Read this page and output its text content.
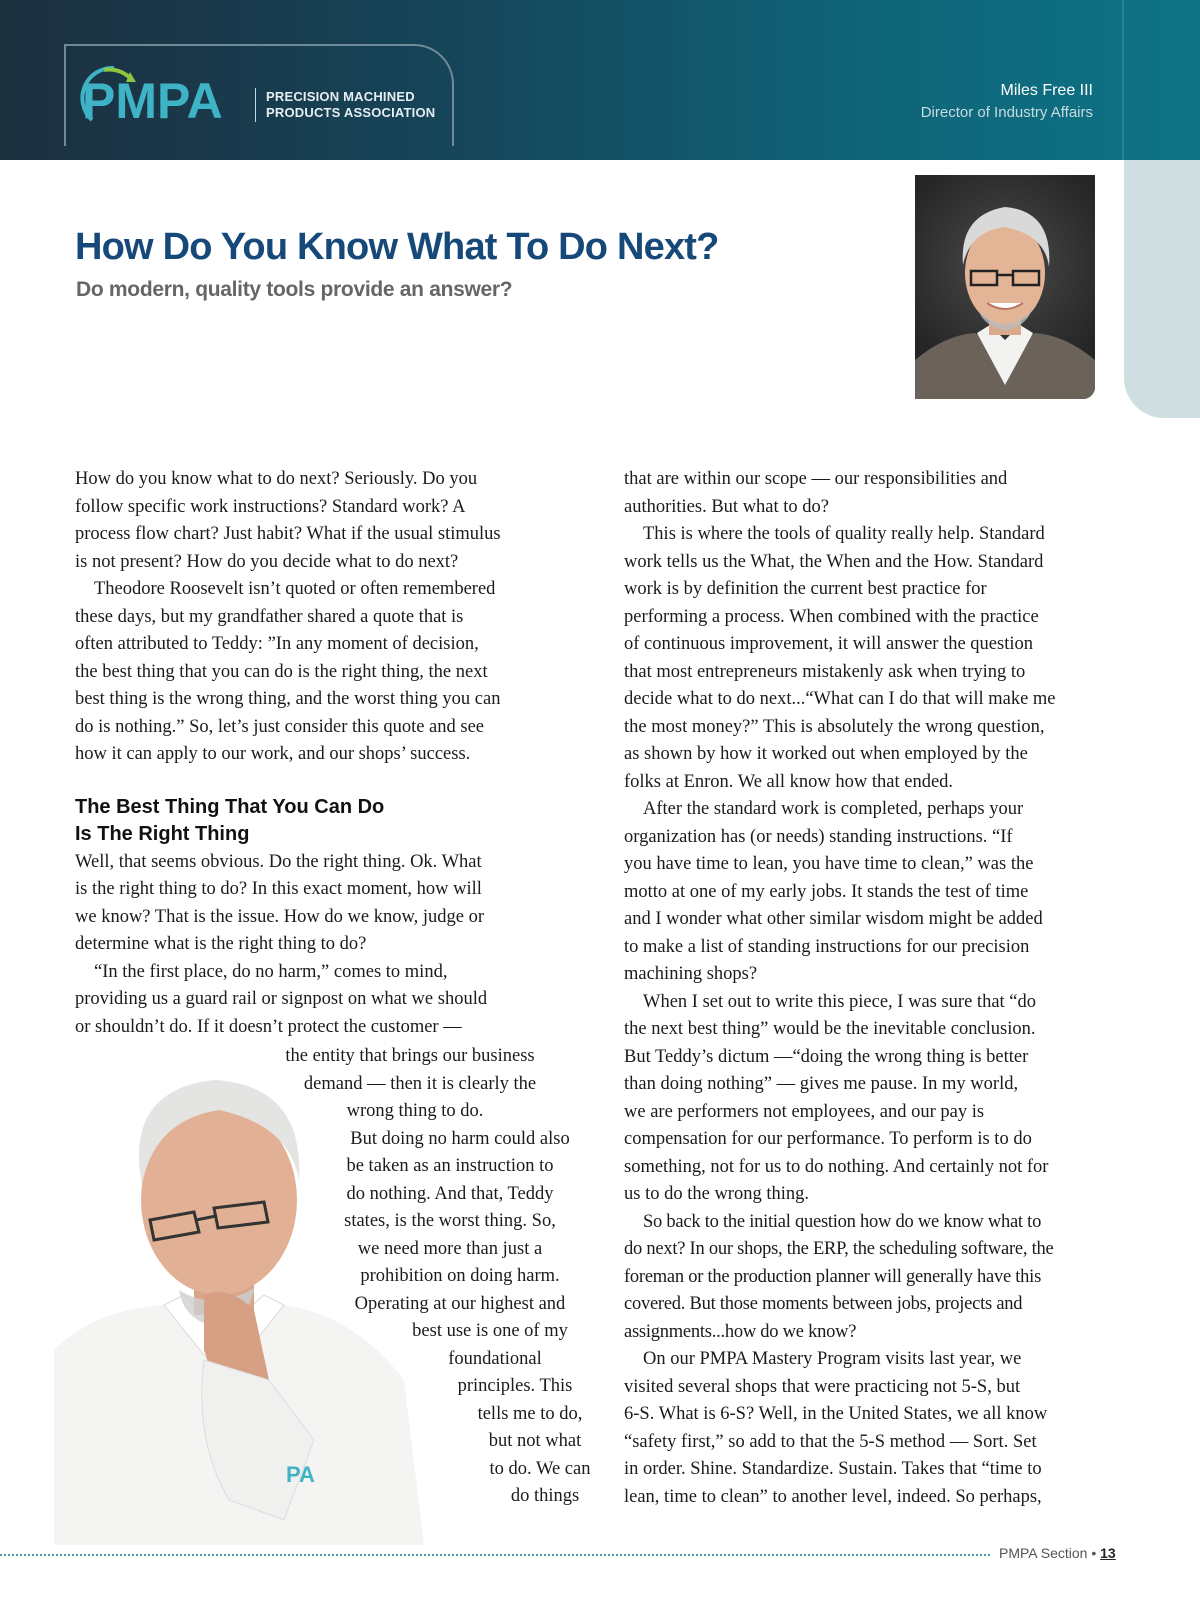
PMPA	PRECISION MACHINED
PRODUCTS ASSOCIATION
Miles Free III
Director of Industry Affairs
How Do You Know What To Do Next?
Do modern, quality tools provide an answer?

How do you know what to do next? Seriously. Do you
follow specific work instructions? Standard work? A
process flow chart? Just habit? What if the usual stimulus
is not present? How do you decide what to do next?

Theodore Roosevelt isn’t quoted or often remembered
these days, but my grandfather shared a quote that is
often attributed to Teddy: ”In any moment of decision,
the best thing that you can do is the right thing, the next
best thing is the wrong thing, and the worst thing you can
do is nothing.” So, let’s just consider this quote and see
how it can apply to our work, and our shops’ success.

The Best Thing That You Can Do
Is The Right Thing

Well, that seems obvious. Do the right thing. Ok. What
is the right thing to do? In this exact moment, how will
we know? That is the issue. How do we know, judge or
determine what is the right thing to do?

“In the first place, do no harm,” comes to mind,
providing us a guard rail or signpost on what we should
or shouldn’t do. If it doesn’t protect the customer —

the entity that brings our business
demand — then it is clearly the
wrong thing to do.
But doing no harm could also
be taken as an instruction to
do nothing. And that, Teddy
states, is the worst thing. So,
we need more than just a
prohibition on doing harm.
Operating at our highest and
best use is one of my
foundational
principles. This
tells me to do,
but not what
to do. We can
do things
PA

that are within our scope — our responsibilities and
authorities. But what to do?

This is where the tools of quality really help. Standard
work tells us the What, the When and the How. Standard
work is by definition the current best practice for
performing a process. When combined with the practice
of continuous improvement, it will answer the question
that most entrepreneurs mistakenly ask when trying to
decide what to do next...“What can I do that will make me
the most money?” This is absolutely the wrong question,
as shown by how it worked out when employed by the
folks at Enron. We all know how that ended.

After the standard work is completed, perhaps your
organization has (or needs) standing instructions. “If
you have time to lean, you have time to clean,” was the
motto at one of my early jobs. It stands the test of time
and I wonder what other similar wisdom might be added
to make a list of standing instructions for our precision
machining shops?

When I set out to write this piece, I was sure that “do
the next best thing” would be the inevitable conclusion.
But Teddy’s dictum —“doing the wrong thing is better
than doing nothing” — gives me pause. In my world,
we are performers not employees, and our pay is
compensation for our performance. To perform is to do
something, not for us to do nothing. And certainly not for
us to do the wrong thing.

So back to the initial question how do we know what to
do next? In our shops, the ERP, the scheduling software, the
foreman or the production planner will generally have this
covered. But those moments between jobs, projects and
assignments...how do we know?

On our PMPA Mastery Program visits last year, we
visited several shops that were practicing not 5-S, but
6-S. What is 6-S? Well, in the United States, we all know
“safety first,” so add to that the 5-S method — Sort. Set
in order. Shine. Standardize. Sustain. Takes that “time to
lean, time to clean” to another level, indeed. So perhaps,

PMPA Section • 13
